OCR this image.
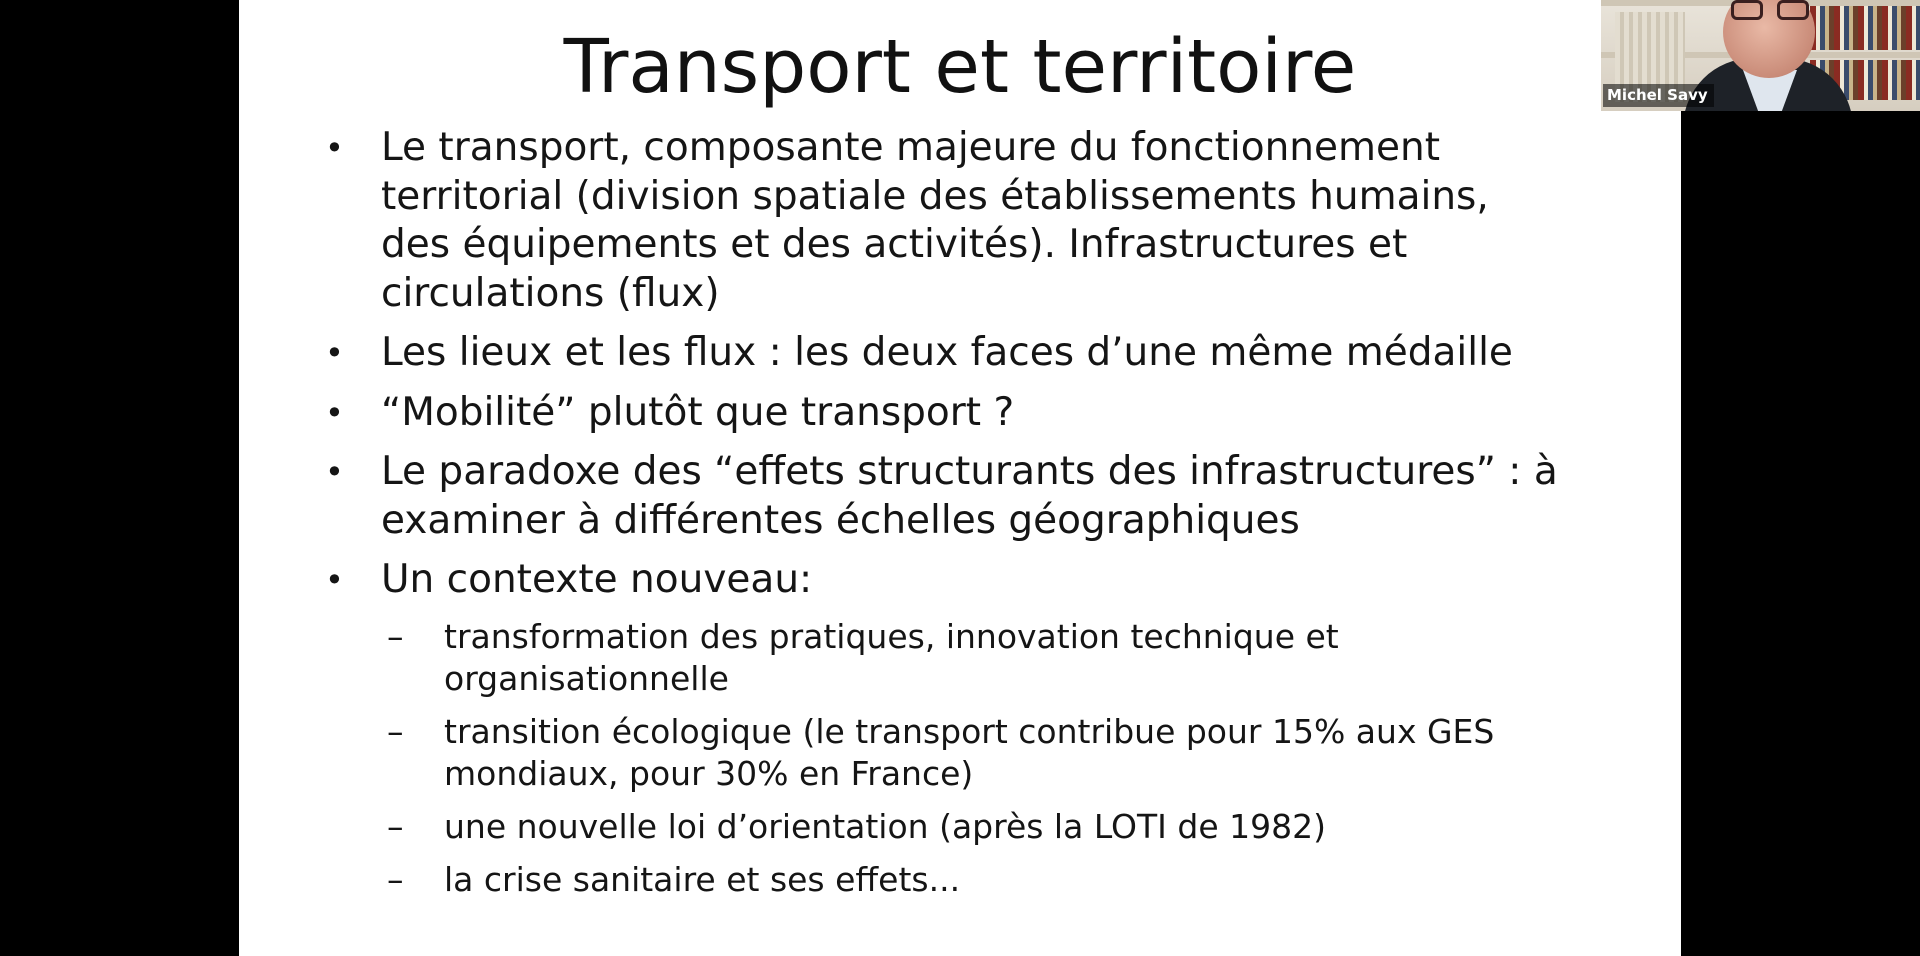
Transport et territoire
• Le transport, composante majeure du fonctionnement
territorial (division spatiale des établissements humains,
des équipements et des activités). Infrastructures et
circulations (flux)
• Les lieux et les flux : les deux faces d’une même médaille
• “Mobilité” plutôt que transport ?
• Le paradoxe des “effets structurants des infrastructures” : à
examiner à différentes échelles géographiques
• Un contexte nouveau:
–	transformation des pratiques, innovation technique et
organisationnelle
–	transition écologique (le transport contribue pour 15% aux GES
mondiaux, pour 30% en France)
–	une nouvelle loi d’orientation (après la LOTI de 1982)
–	la crise sanitaire et ses effets...
Michel Savy
